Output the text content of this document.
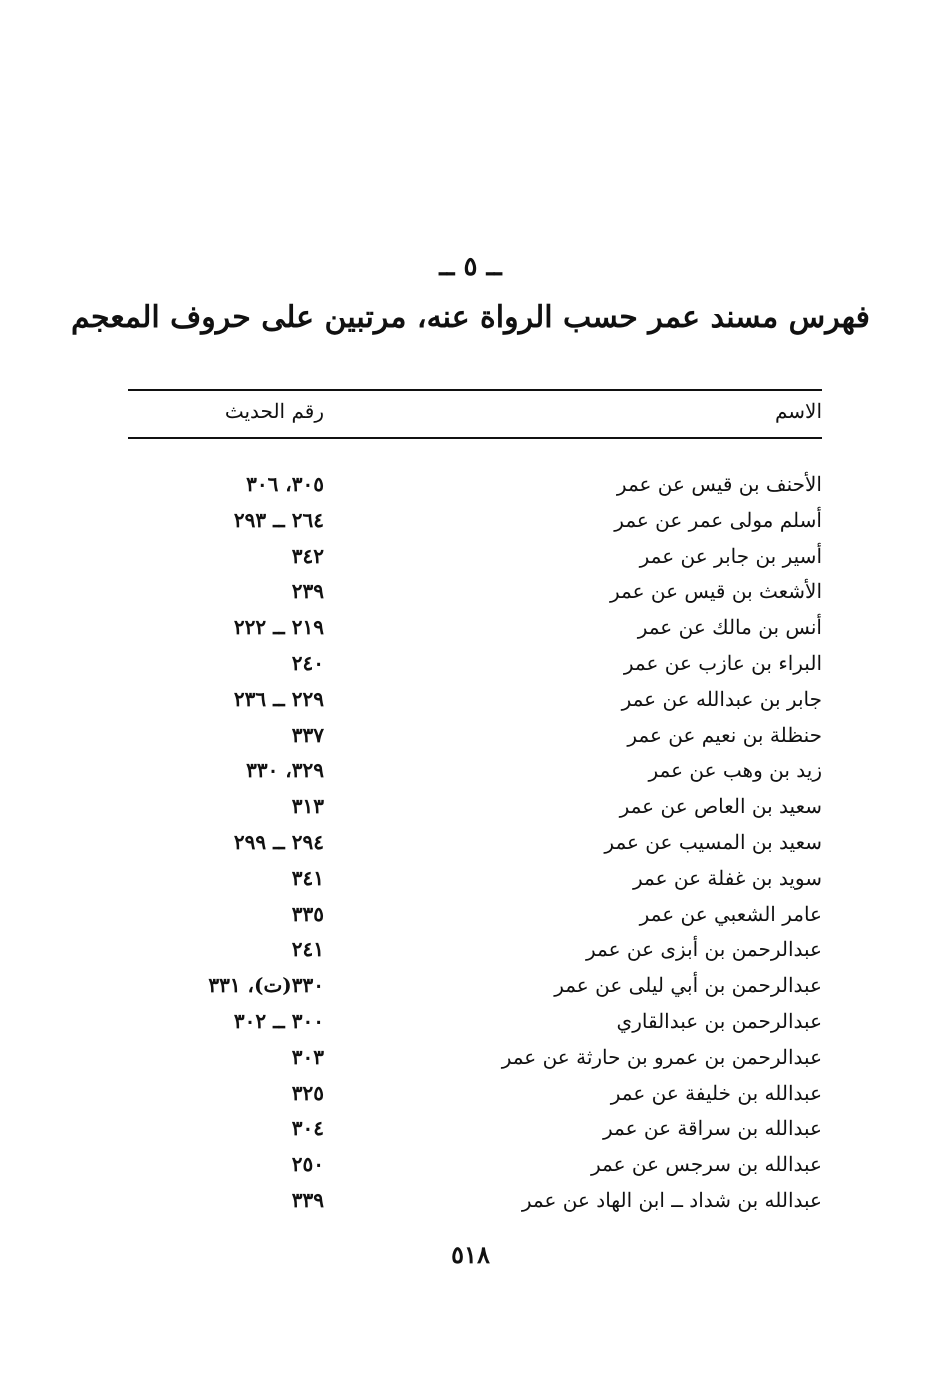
ــ ٥ ــ
فهرس مسند عمر حسب الرواة عنه، مرتبين على حروف المعجم
الاسم
رقم الحديث
الأحنف بن قيس عن عمر
٣٠٥، ٣٠٦
أسلم مولى عمر عن عمر
٢٦٤ ــ ٢٩٣
أسير بن جابر عن عمر
٣٤٢
الأشعث بن قيس عن عمر
٢٣٩
أنس بن مالك عن عمر
٢١٩ ــ ٢٢٢
البراء بن عازب عن عمر
٢٤٠
جابر بن عبدالله عن عمر
٢٢٩ ــ ٢٣٦
حنظلة بن نعيم عن عمر
٣٣٧
زيد بن وهب عن عمر
٣٢٩، ٣٣٠
سعيد بن العاص عن عمر
٣١٣
سعيد بن المسيب عن عمر
٢٩٤ ــ ٢٩٩
سويد بن غفلة عن عمر
٣٤١
عامر الشعبي عن عمر
٣٣٥
عبدالرحمن بن أبزى عن عمر
٢٤١
عبدالرحمن بن أبي ليلى عن عمر
٣٣٠(ت)، ٣٣١
عبدالرحمن بن عبدالقاري
٣٠٠ ــ ٣٠٢
عبدالرحمن بن عمرو بن حارثة عن عمر
٣٠٣
عبدالله بن خليفة عن عمر
٣٢٥
عبدالله بن سراقة عن عمر
٣٠٤
عبدالله بن سرجس عن عمر
٢٥٠
عبدالله بن شداد ــ ابن الهاد عن عمر
٣٣٩
٥١٨
